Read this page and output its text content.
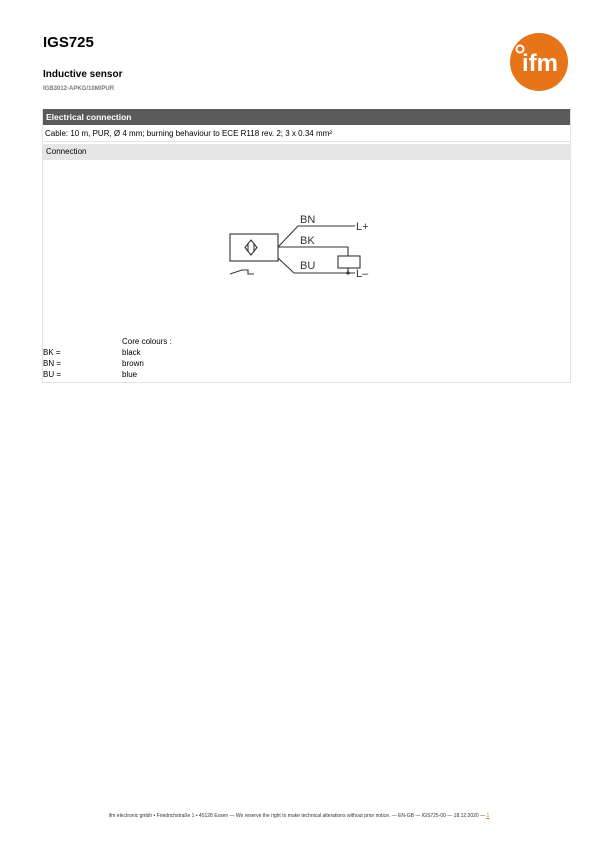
IGS725
Inductive sensor
IGB3012-APKG/10M/PUR
ifm
Electrical connection
Cable: 10 m, PUR, Ø 4 mm; burning behaviour to ECE R118 rev. 2; 3 x 0.34 mm²
Connection
BN
BK
BU
L+
L–
Core colours :
BK =	black
BN =	brown
BU =	blue
ifm electronic gmbh • Friedrichstraße 1 • 45128 Essen — We reserve the right to make technical alterations without prior notice. — EN-GB — IGS725-00 — 18.12.2020 — 1
